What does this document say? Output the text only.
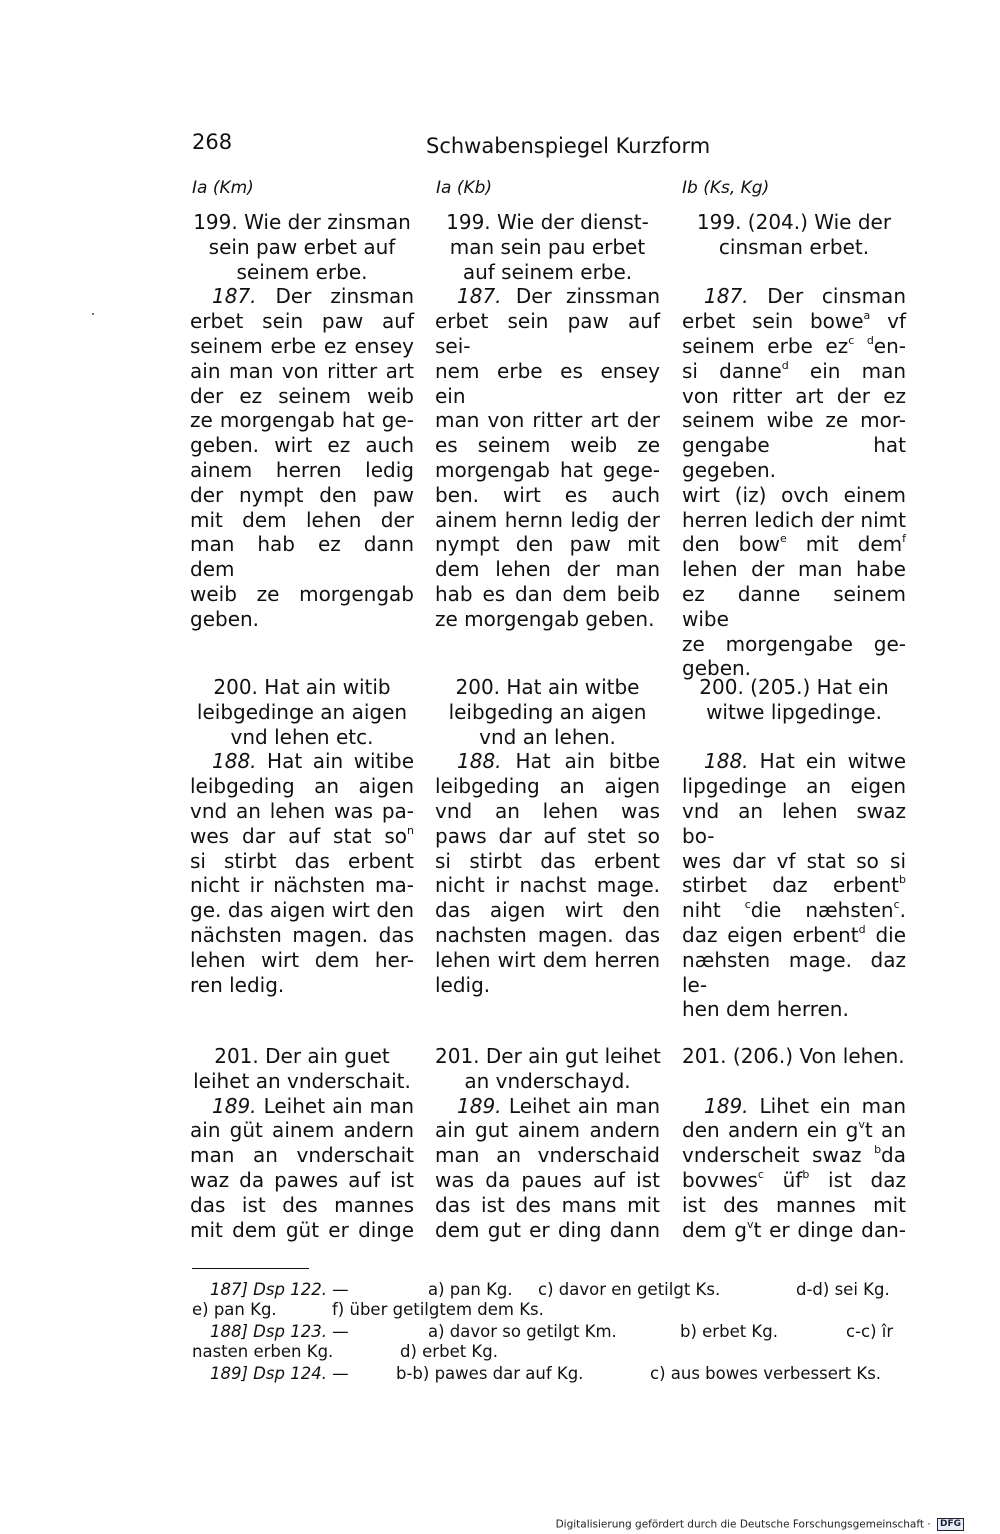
268	Schwabenspiegel Kurzform
Ia (Km)	Ia (Kb)	Ib (Ks, Kg)
199. Wie der zinsman
sein paw erbet auf
seinem erbe.
187. Der zinsman
erbet sein paw auf
seinem erbe ez ensey
ain man von ritter art
der ez seinem weib
ze morgengab hat ge-
geben. wirt ez auch
ainem herren ledig
der nympt den paw
mit dem lehen der
man hab ez dann dem
weib ze morgengab
geben.
200. Hat ain witib
leibgedinge an aigen
vnd lehen etc.
188. Hat ain witibe
leibgeding an aigen
vnd an lehen was pa-
wes dar auf stat $so^n$
si stirbt das erbent
nicht ir nächsten ma-
ge. das aigen wirt den
nächsten magen. das
lehen wirt dem her-
ren ledig.
201. Der ain guet
leihet an vnderschait.
189. Leihet ain man
ain güt ainem andern
man an vnderschait
waz da pawes auf ist
das ist des mannes
mit dem güt er dinge
199. Wie der dienst-
man sein pau erbet
auf seinem erbe.
187. Der zinssman
erbet sein paw auf sei-
nem erbe es ensey ein
man von ritter art der
es seinem weib ze
morgengab hat gege-
ben. wirt es auch
ainem hernn ledig der
nympt den paw mit
dem lehen der man
hab es dan dem beib
ze morgengab geben.
200. Hat ain witbe
leibgeding an aigen
vnd an lehen.
188. Hat ain bitbe
leibgeding an aigen
vnd an lehen was
paws dar auf stet so
si stirbt das erbent
nicht ir nachst mage.
das aigen wirt den
nachsten magen. das
lehen wirt dem herren
ledig.
201. Der ain gut leihet
an vnderschayd.
189. Leihet ain man
ain gut ainem andern
man an vnderschaid
was da paues auf ist
das ist des mans mit
dem gut er ding dann
199. (204.) Wie der
cinsman erbet.

187. Der cinsman
erbet sein bowe$^a$ vf
seinem erbe $ez^c$ $^d$en-
si danne$^d$ ein man
von ritter art der ez
seinem wibe ze mor-
gengabe hat gegeben.
wirt (iz) ovch einem
herren ledich der nimt
den bow$^e$ mit dem$^f$
lehen der man habe
ez danne seinem wibe
ze morgengabe ge-
geben.
200. (205.) Hat ein
witwe lipgedinge.

188. Hat ein witwe
lipgedinge an eigen
vnd an lehen swaz bo-
wes dar vf stat so si
stirbet daz erbent$^b$
niht $^c$die næhsten$^c$.
daz eigen erbent$^d$ die
næhsten mage. daz le-
hen dem herren.
201. (206.) Von lehen.

189. Lihet ein man
den andern ein $g^vt$ an
vnderscheit swaz $^b$da
bovwes$^c$ $üf^b$ ist daz
ist des mannes mit
dem $g^vt$ er dinge dan-
187] Dsp 122. —	a) pan Kg. c) davor en getilgt Ks.	d-d) sei Kg.
e) pan Kg.	f) über getilgtem dem Ks.
188] Dsp 123. —	a) davor so getilgt Km.	b) erbet Kg.	c-c) îr
nasten erben Kg.	d) erbet Kg.
189] Dsp 124. —	b-b) pawes dar auf Kg.	c) aus bowes verbessert Ks.
Digitalisierung gefördert durch die Deutsche Forschungsgemeinschaft · DFG
